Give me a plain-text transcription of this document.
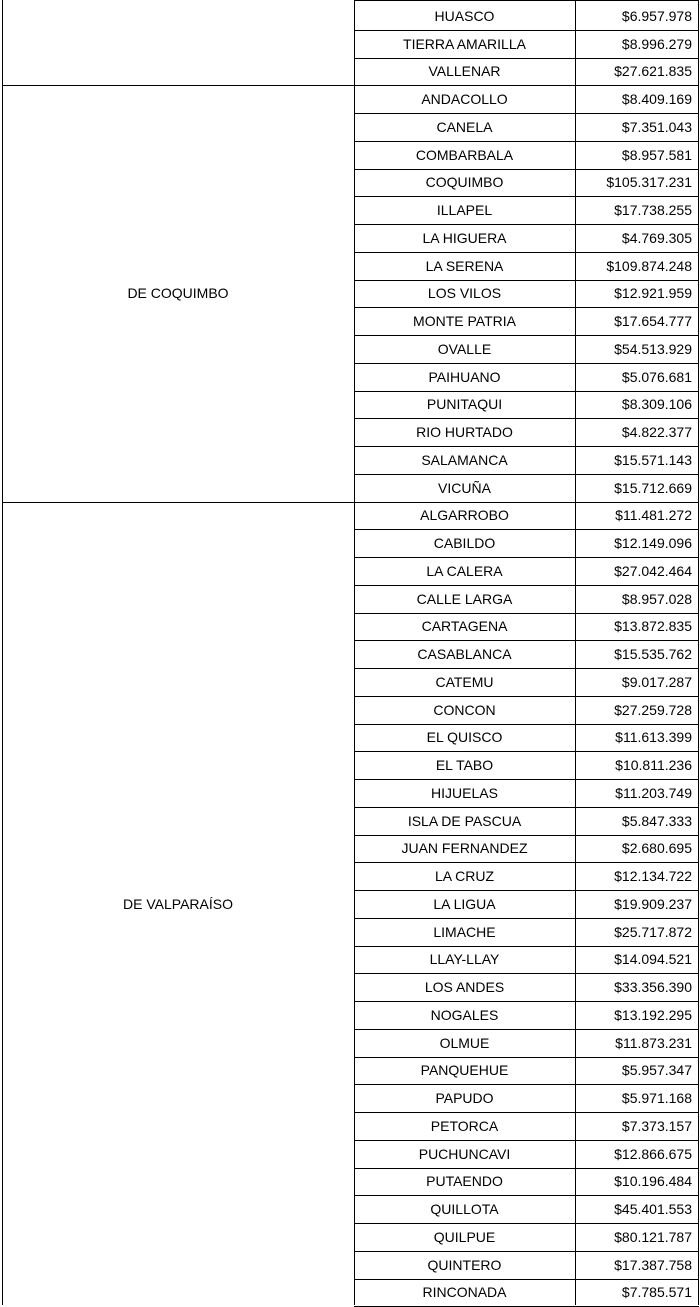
HUASCO	$6.957.978
TIERRA AMARILLA	$8.996.279
VALLENAR	$27.621.835
DE COQUIMBO
ANDACOLLO	$8.409.169
CANELA	$7.351.043
COMBARBALA	$8.957.581
COQUIMBO	$105.317.231
ILLAPEL	$17.738.255
LA HIGUERA	$4.769.305
LA SERENA	$109.874.248
LOS VILOS	$12.921.959
MONTE PATRIA	$17.654.777
OVALLE	$54.513.929
PAIHUANO	$5.076.681
PUNITAQUI	$8.309.106
RIO HURTADO	$4.822.377
SALAMANCA	$15.571.143
VICUÑA	$15.712.669
DE VALPARAÍSO
ALGARROBO	$11.481.272
CABILDO	$12.149.096
LA CALERA	$27.042.464
CALLE LARGA	$8.957.028
CARTAGENA	$13.872.835
CASABLANCA	$15.535.762
CATEMU	$9.017.287
CONCON	$27.259.728
EL QUISCO	$11.613.399
EL TABO	$10.811.236
HIJUELAS	$11.203.749
ISLA DE PASCUA	$5.847.333
JUAN FERNANDEZ	$2.680.695
LA CRUZ	$12.134.722
LA LIGUA	$19.909.237
LIMACHE	$25.717.872
LLAY-LLAY	$14.094.521
LOS ANDES	$33.356.390
NOGALES	$13.192.295
OLMUE	$11.873.231
PANQUEHUE	$5.957.347
PAPUDO	$5.971.168
PETORCA	$7.373.157
PUCHUNCAVI	$12.866.675
PUTAENDO	$10.196.484
QUILLOTA	$45.401.553
QUILPUE	$80.121.787
QUINTERO	$17.387.758
RINCONADA	$7.785.571
